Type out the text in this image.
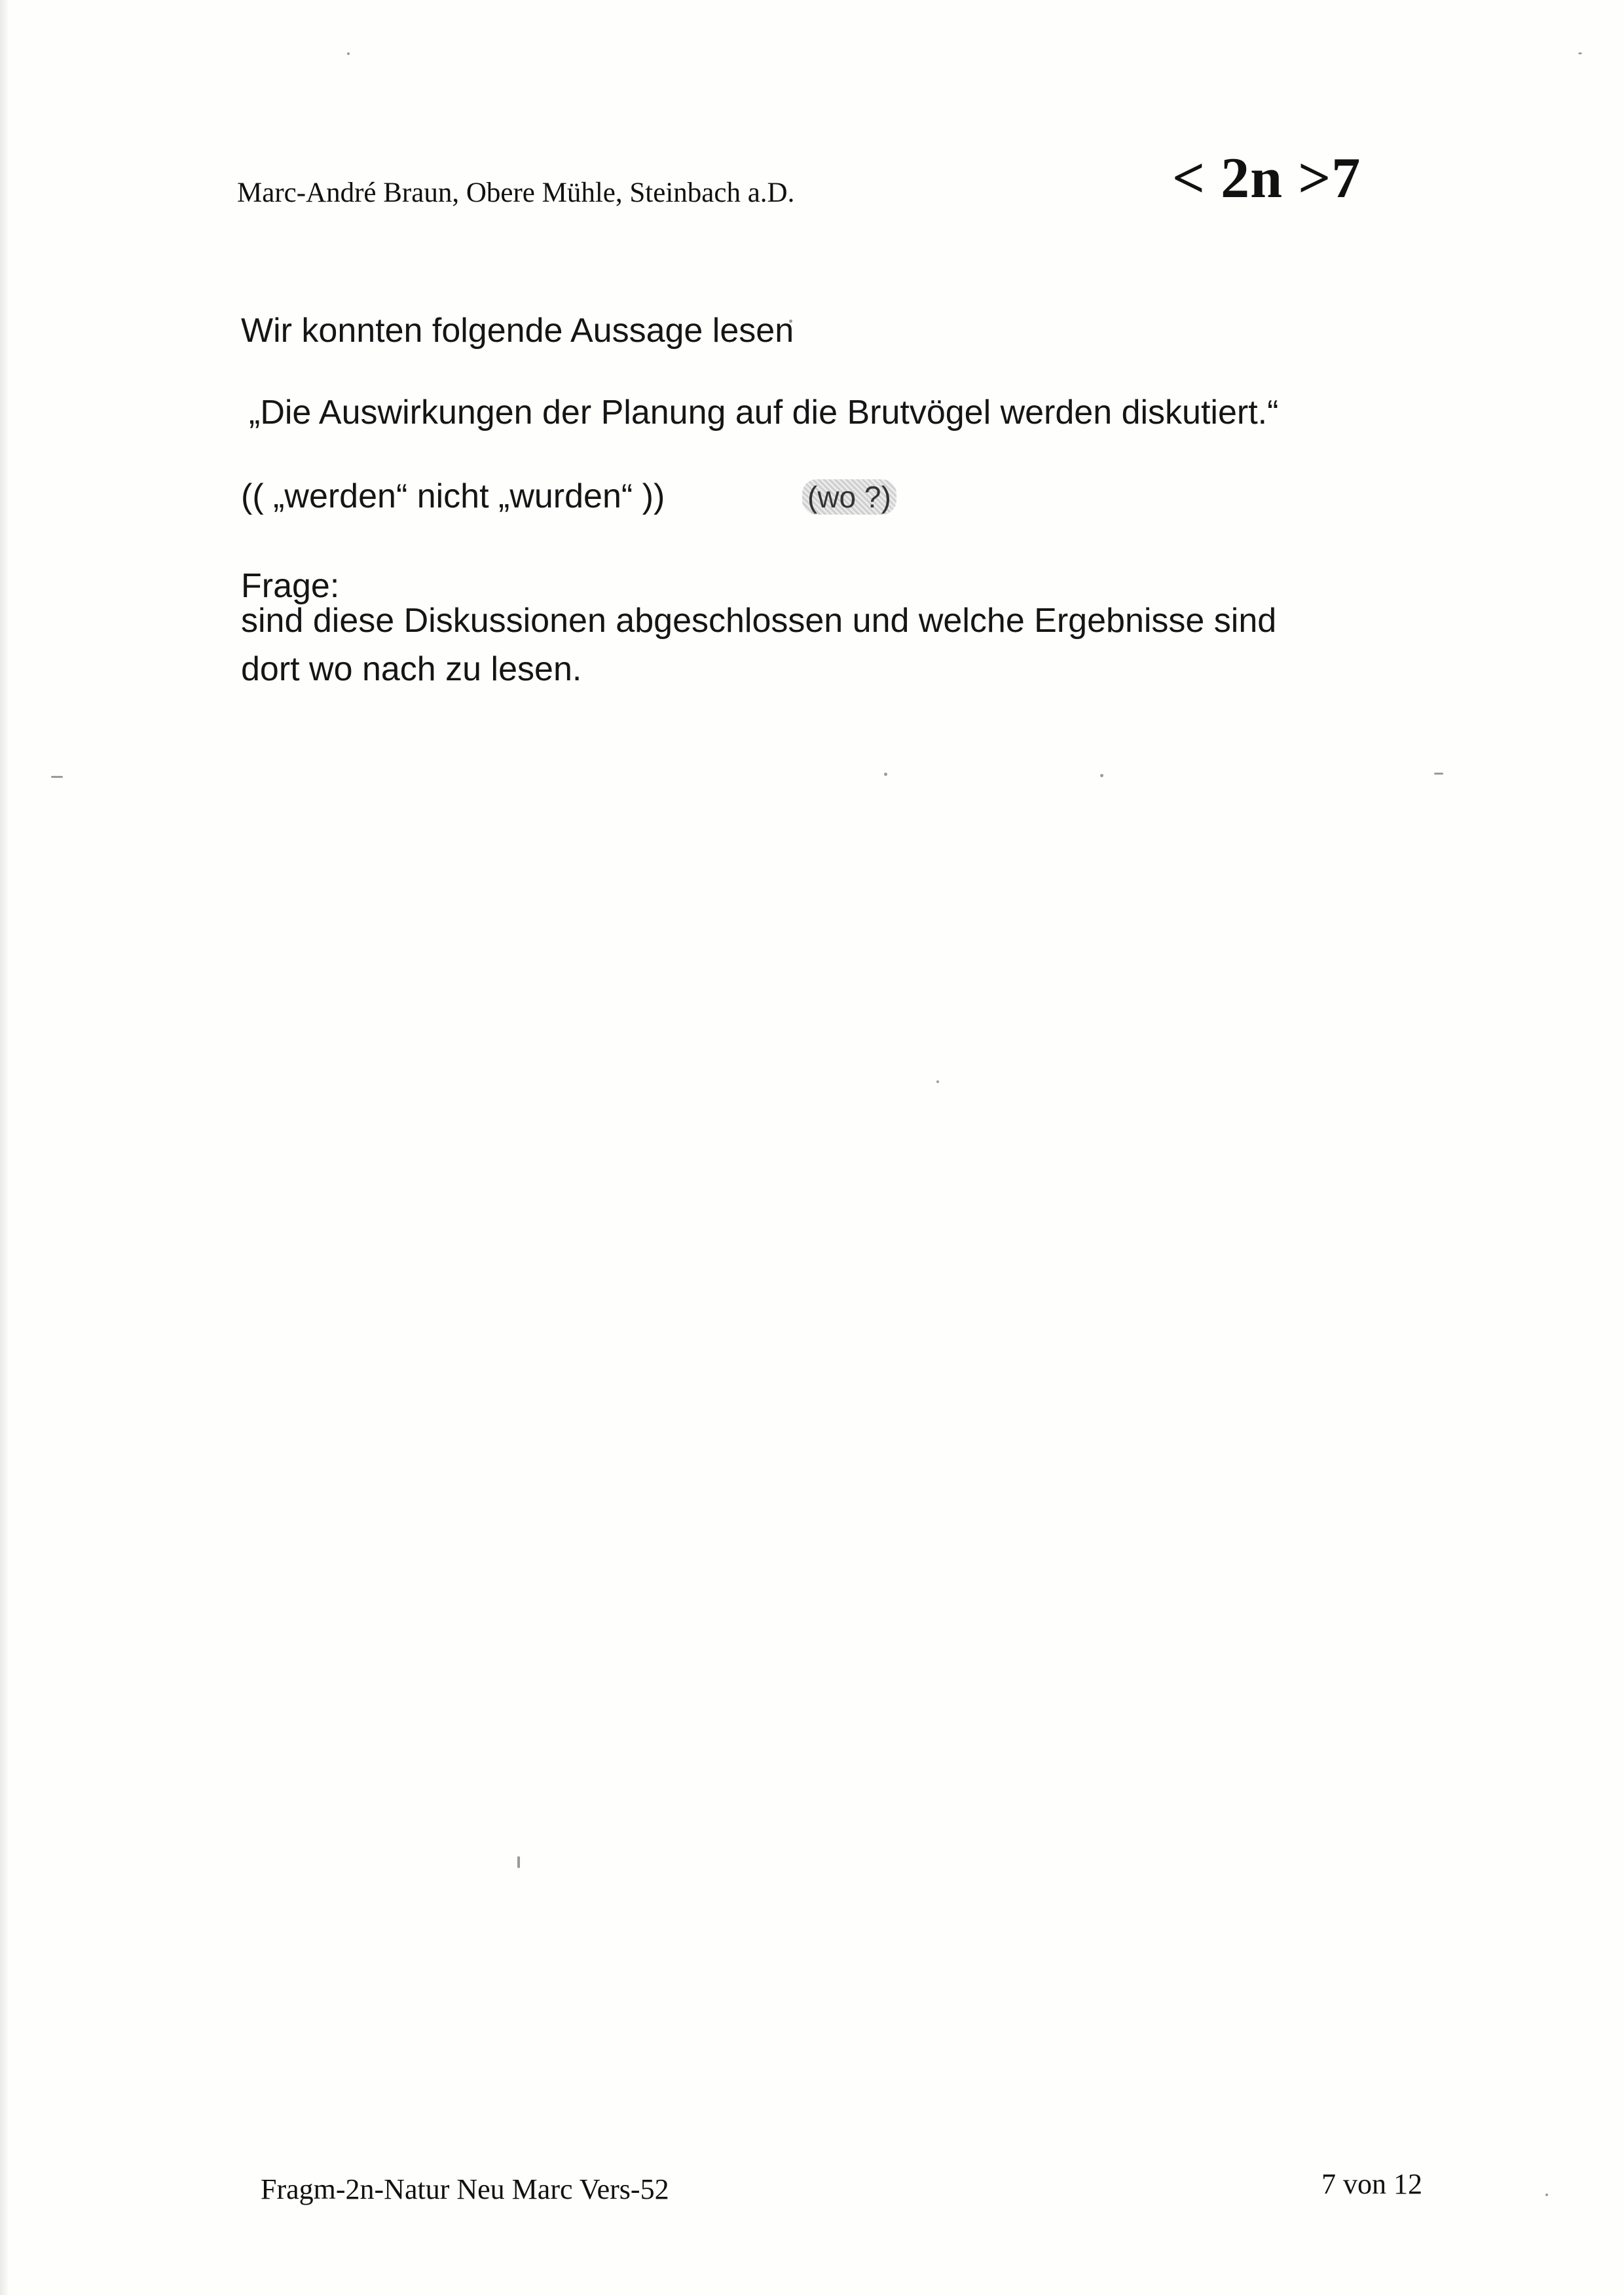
Marc-André Braun, Obere Mühle, Steinbach a.D.	< 2n >7
Wir konnten folgende Aussage lesen
„Die Auswirkungen der Planung auf die Brutvögel werden diskutiert.“
(( „werden“ nicht „wurden“ ))	(wo ?)
Frage:
sind diese Diskussionen abgeschlossen und welche Ergebnisse sind
dort wo nach zu lesen.
Fragm-2n-Natur Neu Marc Vers-52	7 von 12
